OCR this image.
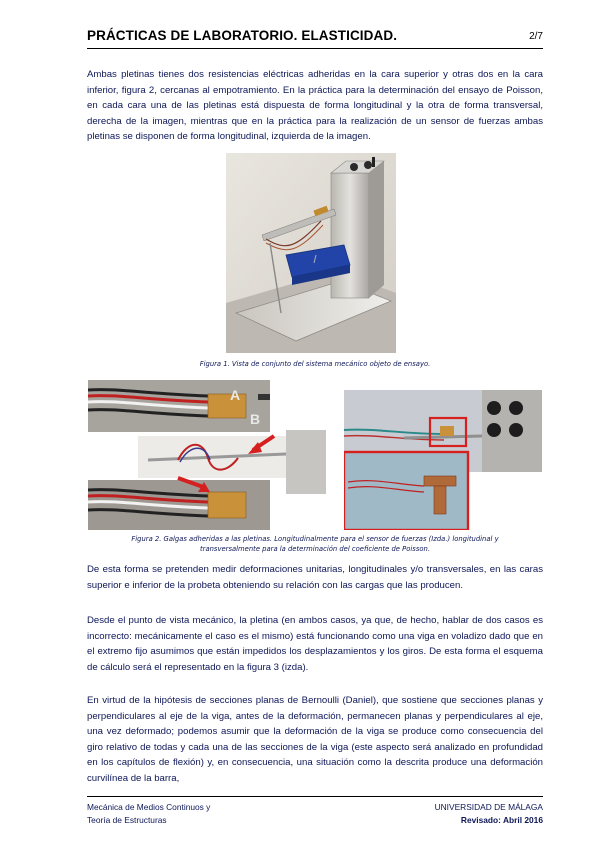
PRÁCTICAS DE LABORATORIO. ELASTICIDAD.	2/7

Ambas pletinas tienes dos resistencias eléctricas adheridas en la cara superior y otras dos en la cara inferior, figura 2, cercanas al empotramiento. En la práctica para la determinación del ensayo de Poisson, en cada cara una de las pletinas está dispuesta de forma longitudinal y la otra de forma transversal, derecha de la imagen, mientras que en la práctica para la realización de un sensor de fuerzas ambas pletinas se disponen de forma longitudinal, izquierda de la imagen.

Figura 1. Vista de conjunto del sistema mecánico objeto de ensayo.
A
B
Figura 2. Galgas adheridas a las pletinas. Longitudinalmente para el sensor de fuerzas (Izda.) longitudinal y
transversalmente para la determinación del coeficiente de Poisson.

De esta forma se pretenden medir deformaciones unitarias, longitudinales y/o transversales, en las caras superior e inferior de la probeta obteniendo su relación con las cargas que las producen.

Desde el punto de vista mecánico, la pletina (en ambos casos, ya que, de hecho, hablar de dos casos es incorrecto: mecánicamente el caso es el mismo) está funcionando como una viga en voladizo dado que en el extremo fijo asumimos que están impedidos los desplazamientos y los giros. De esta forma el esquema de cálculo será el representado en la figura 3 (izda).

En virtud de la hipótesis de secciones planas de Bernoulli (Daniel), que sostiene que secciones planas y perpendiculares al eje de la viga, antes de la deformación, permanecen planas y perpendiculares al eje, una vez deformado; podemos asumir que la deformación de la viga se produce como consecuencia del giro relativo de todas y cada una de las secciones de la viga (este aspecto será analizado en profundidad en los capítulos de flexión) y, en consecuencia, una situación como la descrita produce una deformación curvilínea de la barra,

Mecánica de Medios Continuos y
Teoría de Estructuras
UNIVERSIDAD DE MÁLAGA
Revisado: Abril 2016
